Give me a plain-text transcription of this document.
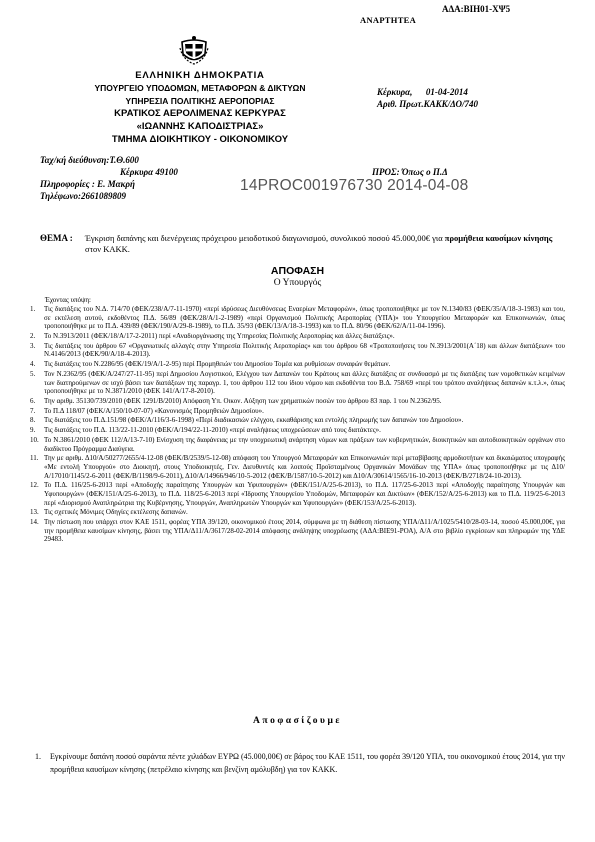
ΑΔΑ:ΒΙΗ01-ΧΨ5
ΑΝΑΡΤΗΤΕΑ
ΕΛΛΗΝΙΚΗ ΔΗΜΟΚΡΑΤΙΑ
ΥΠΟΥΡΓΕΙΟ ΥΠΟΔΟΜΩΝ, ΜΕΤΑΦΟΡΩΝ & ΔΙΚΤΥΩΝ
ΥΠΗΡΕΣΙΑ ΠΟΛΙΤΙΚΗΣ ΑΕΡΟΠΟΡΙΑΣ
ΚΡΑΤΙΚΟΣ ΑΕΡΟΛΙΜΕΝΑΣ ΚΕΡΚΥΡΑΣ
«ΙΩΑΝΝΗΣ ΚΑΠΟΔΙΣΤΡΙΑΣ»
ΤΜΗΜΑ ΔΙΟΙΚΗΤΙΚΟΥ - ΟΙΚΟΝΟΜΙΚΟΥ
Ταχ/κή διεύθυνση:Τ.Θ.600
Κέρκυρα 49100
Πληροφορίες : Ε. Μακρή
Τηλέφωνο:2661089809
Κέρκυρα,      01-04-2014
Αριθ. Πρωτ.ΚΑΚΚ/ΔΟ/740
ΠΡΟΣ: Όπως ο Π.Δ
14PROC001976730 2014-04-08
ΘΕΜΑ : Έγκριση δαπάνης και διενέργειας πρόχειρου μειοδοτικού διαγωνισμού, συνολικού ποσού 45.000,00€ για προμήθεια καυσίμων κίνησης στον ΚΑΚΚ.
ΑΠΟΦΑΣΗ
Ο Υπουργός
Έχοντας υπόψη:
1. Τις διατάξεις του Ν.Δ. 714/70 (ΦΕΚ/238/Α/7-11-1970) «περί ιδρύσεως Διευθύνσεως Εναερίων Μεταφορών», όπως τροποποιήθηκε με τον Ν.1340/83 (ΦΕΚ/35/Α/18-3-1983) και του, σε εκτέλεση αυτού, εκδοθέντος Π.Δ. 56/89 (ΦΕΚ/28/Α/1-2-1989) «περί Οργανισμού Πολιτικής Αεροπορίας (ΥΠΑ)» του Υπουργείου Μεταφορών και Επικοινωνιών, όπως τροποποιήθηκε με το Π.Δ. 439/89 (ΦΕΚ/190/Α/29-8-1989), το Π.Δ. 35/93 (ΦΕΚ/13/Α/18-3-1993) και το Π.Δ. 80/96 (ΦΕΚ/62/Α/11-04-1996).
2. Το Ν.3913/2011 (ΦΕΚ/18/Α/17-2-2011) περί «Αναδιοργάνωσης της Υπηρεσίας Πολιτικής Αεροπορίας και άλλες διατάξεις».
3. Τις διατάξεις του άρθρου 67 «Οργανωτικές αλλαγές στην Υπηρεσία Πολιτικής Αεροπορίας» και του άρθρου 68 «Τροποποιήσεις του Ν.3913/2001(Α΄18) και άλλων διατάξεων» του Ν.4146/2013 (ΦΕΚ/90/Α/18-4-2013).
4. Τις διατάξεις του Ν.2286/95 (ΦΕΚ/19/Α/1-2-95) περί Προμηθειών του Δημοσίου Τομέα και ρυθμίσεων συναφών θεμάτων.
5. Τον Ν.2362/95 (ΦΕΚ/Α/247/27-11-95) περί Δημοσίου Λογιστικού, Ελέγχου των Δαπανών του Κράτους και άλλες διατάξεις σε συνδυασμό με τις διατάξεις των νομοθετικών κειμένων των διατηρούμενων σε ισχύ βάσει των διατάξεων της παραγρ. 1, του άρθρου 112 του ίδιου νόμου και εκδοθέντα του Β.Δ. 758/69 «περί του τρόπου αναλήψεως δαπανών κ.τ.λ.», όπως τροποποιήθηκε με το Ν.3871/2010 (ΦΕΚ 141/Α/17-8-2010).
6. Την αριθμ. 35130/739/2010 (ΦΕΚ 1291/Β/2010) Απόφαση Υπ. Οικον. Αύξηση των χρηματικών ποσών του άρθρου 83 παρ. 1 του Ν.2362/95.
7. Το Π.Δ 118/07 (ΦΕΚ/Α/150/10-07-07) «Κανονισμός Προμηθειών Δημοσίου».
8. Τις διατάξεις του Π.Δ.151/98 (ΦΕΚ/Α/116/3-6-1998) «Περί διαδικασιών ελέγχου, εκκαθάρισης και εντολής πληρωμής των δαπανών του Δημοσίου».
9. Τις διατάξεις του Π.Δ. 113/22-11-2010 (ΦΕΚ/Α/194/22-11-2010) «περί αναλήψεως υποχρεώσεων από τους διατάκτες».
10. Το Ν.3861/2010 (ΦΕΚ 112/Α/13-7-10) Ενίσχυση της διαφάνειας με την υποχρεωτική ανάρτηση νόμων και πράξεων των κυβερνητικών, διοικητικών και αυτοδιοικητικών οργάνων στο διαδίκτυο Πρόγραμμα Διαύγεια.
11. Την με αριθμ. Δ10/Α/50277/2655/4-12-08 (ΦΕΚ/Β/2539/5-12-08) απόφαση του Υπουργού Μεταφορών και Επικοινωνιών περί μεταβίβασης αρμοδιοτήτων και δικαιώματος υπογραφής «Με εντολή Υπουργού» στο Διοικητή, στους Υποδιοικητές, Γεν. Διευθυντές και λοιπούς Προϊσταμένους Οργανικών Μονάδων της ΥΠΑ» όπως τροποποιήθηκε με τις Δ10/Α/17010/1145/2-6-2011 (ΦΕΚ/Β/1198/9-6-2011), Δ10/Α/14966/946/10-5-2012 (ΦΕΚ/Β/1587/10-5-2012) και Δ10/Α/30614/1565/16-10-2013 (ΦΕΚ/Β/2718/24-10-2013).
12. Το Π.Δ. 116/25-6-2013 περί «Αποδοχής παραίτησης Υπουργών και Υφυπουργών» (ΦΕΚ/151/Α/25-6-2013), το Π.Δ. 117/25-6-2013 περί «Αποδοχής παραίτησης Υπουργών και Υφυπουργών» (ΦΕΚ/151/Α/25-6-2013), το Π.Δ. 118/25-6-2013 περί «Ίδρυσης Υπουργείου Υποδομών, Μεταφορών και Δικτύων» (ΦΕΚ/152/Α/25-6-2013) και το Π.Δ. 119/25-6-2013 περί «Διορισμού Αναπληρώτρια της Κυβέρνησης, Υπουργών, Αναπληρωτών Υπουργών και Υφυπουργών» (ΦΕΚ/153/Α/25-6-2013).
13. Τις σχετικές Μόνιμες Οδηγίες εκτέλεσης δαπανών.
14. Την πίστωση που υπάρχει στον ΚΑΕ 1511, φορέας ΥΠΑ 39/120, οικονομικού έτους 2014, σύμφωνα με τη διάθεση πίστωσης ΥΠΑ/Δ11/Α/1025/5410/28-03-14, ποσού 45.000,00€, για την προμήθεια καυσίμων κίνησης, βάσει της ΥΠΑ/Δ11/Α/3617/28-02-2014 απόφασης ανάληψης υποχρέωσης (ΑΔΑ:ΒΙΕ91-ΡΟΑ), Α/Α στο βιβλίο εγκρίσεων και πληρωμών της ΥΔΕ 29483.
Αποφασίζουμε
1.	Εγκρίνουμε δαπάνη ποσού σαράντα πέντε χιλιάδων ΕΥΡΩ (45.000,00€) σε βάρος του ΚΑΕ 1511, του φορέα 39/120 ΥΠΑ, του οικονομικού έτους 2014, για την προμήθεια καυσίμων κίνησης (πετρέλαιο κίνησης και βενζίνη αμόλυβδη) για τον ΚΑΚΚ.
